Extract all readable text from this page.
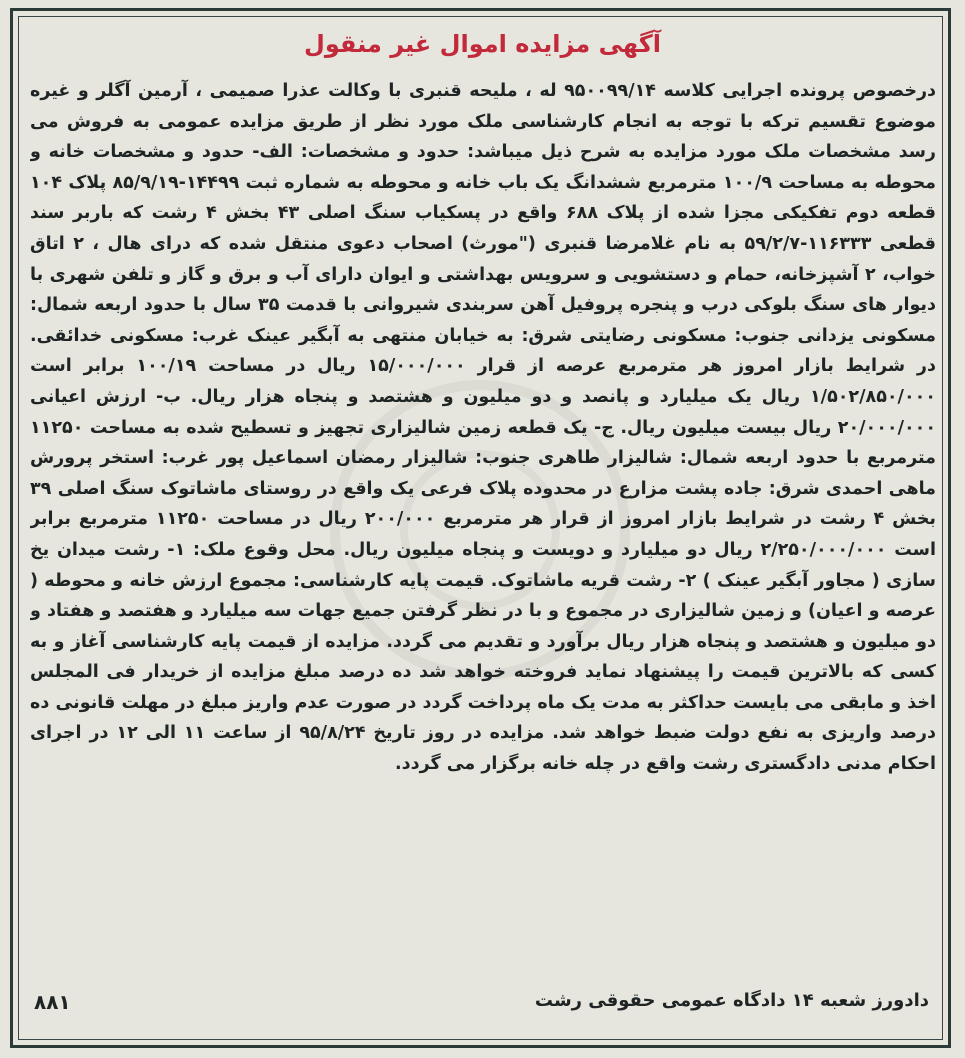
آگهی مزایده اموال غیر منقول
درخصوص پرونده اجرایی کلاسه ۹۵۰۰۹۹/۱۴ له ، ملیحه قنبری با وکالت عذرا صمیمی ، آرمین آگلر و غیره موضوع تقسیم ترکه با توجه به انجام کارشناسی ملک مورد نظر از طریق مزایده عمومی به فروش می رسد مشخصات ملک مورد مزایده به شرح ذیل میباشد: حدود و مشخصات: الف- حدود و مشخصات خانه و محوطه به مساحت ۱۰۰/۹ مترمربع ششدانگ یک باب خانه و محوطه به شماره ثبت ۱۴۴۹۹-۸۵/۹/۱۹ پلاک ۱۰۴ قطعه دوم تفکیکی مجزا شده از پلاک ۶۸۸ واقع در پسکیاب سنگ اصلی ۴۳ بخش ۴ رشت که باربر سند قطعی ۱۱۶۳۳۳-۵۹/۲/۷ به نام غلامرضا قنبری ("مورث) اصحاب دعوی منتقل شده که درای هال ، ۲ اتاق خواب، ۲ آشپزخانه، حمام و دستشویی و سرویس بهداشتی و ایوان دارای آب و برق و گاز و تلفن شهری با دیوار های سنگ بلوکی درب و پنجره پروفیل آهن سربندی شیروانی با قدمت ۳۵ سال با حدود اربعه شمال: مسکونی یزدانی جنوب: مسکونی رضایتی شرق: به خیابان منتهی به آبگیر عینک غرب: مسکونی خدائقی. در شرایط بازار امروز هر مترمربع عرصه از قرار ۱۵/۰۰۰/۰۰۰ ریال در مساحت ۱۰۰/۱۹ برابر است ۱/۵۰۲/۸۵۰/۰۰۰ ریال یک میلیارد و پانصد و دو میلیون و هشتصد و پنجاه هزار ریال. ب- ارزش اعیانی ۲۰/۰۰۰/۰۰۰ ریال بیست میلیون ریال. ج- یک قطعه زمین شالیزاری تجهیز و تسطیح شده به مساحت ۱۱۲۵۰ مترمربع با حدود اربعه شمال: شالیزار طاهری جنوب: شالیزار رمضان اسماعیل پور غرب: استخر پرورش ماهی احمدی شرق: جاده پشت مزارع در محدوده پلاک فرعی یک واقع در روستای ماشاتوک سنگ اصلی ۳۹ بخش ۴ رشت در شرایط بازار امروز از قرار هر مترمربع ۲۰۰/۰۰۰ ریال در مساحت ۱۱۲۵۰ مترمربع برابر است ۲/۲۵۰/۰۰۰/۰۰۰ ریال دو میلیارد و دویست و پنجاه میلیون ریال. محل وقوع ملک: ۱- رشت میدان یخ سازی ( مجاور آبگیر عینک ) ۲- رشت قریه ماشاتوک. قیمت پایه کارشناسی: مجموع ارزش خانه و محوطه ( عرصه و اعیان) و زمین شالیزاری در مجموع و با در نظر گرفتن جمیع جهات سه میلیارد و هفتصد و هفتاد و دو میلیون و هشتصد و پنجاه هزار ریال برآورد و تقدیم می گردد. مزایده از قیمت پایه کارشناسی آغاز و به کسی که بالاترین قیمت را پیشنهاد نماید فروخته خواهد شد ده درصد مبلغ مزایده از خریدار فی المجلس اخذ و مابقی می بایست حداکثر به مدت یک ماه پرداخت گردد در صورت عدم واریز مبلغ در مهلت قانونی ده درصد واریزی به نفع دولت ضبط خواهد شد. مزایده در روز تاریخ ۹۵/۸/۲۴ از ساعت ۱۱ الی ۱۲ در اجرای احکام مدنی دادگستری رشت واقع در چله خانه برگزار می گردد.
دادورز شعبه ۱۴ دادگاه عمومی حقوقی رشت
۸۸۱
